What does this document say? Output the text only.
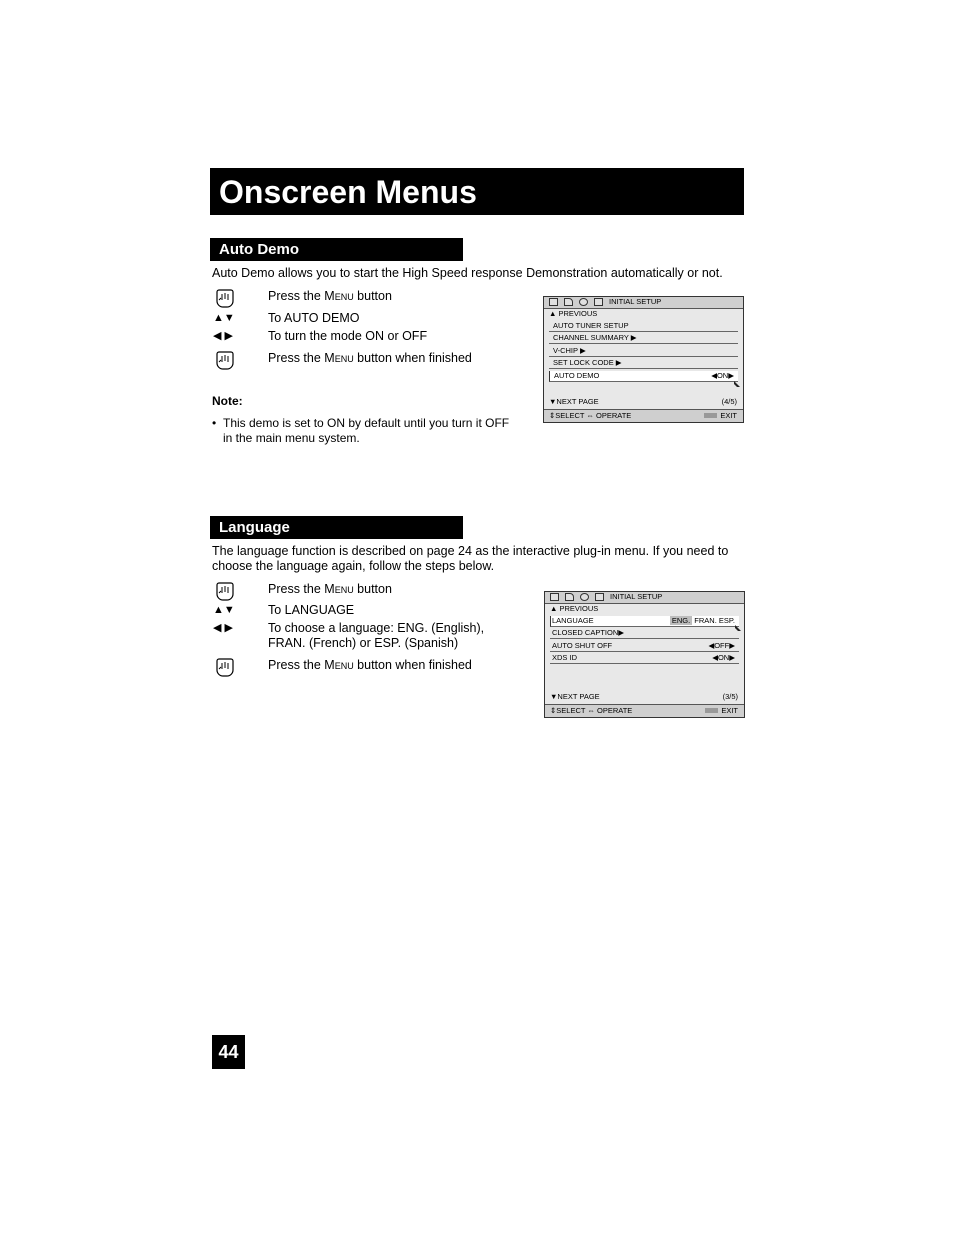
Onscreen Menus
Auto Demo
Auto Demo allows you to start the High Speed response Demonstration automatically or not.
Press the Menu button
▲▼	To AUTO DEMO
◀ ▶	To turn the mode ON or OFF
Press the Menu button when finished
Note:
• This demo is set to ON by default until you turn it OFF in the main menu system.
INITIAL SETUP
▲ PREVIOUS
AUTO TUNER SETUP
CHANNEL SUMMARY ▶
V-CHIP ▶
SET LOCK CODE ▶
AUTO DEMO	◀ON▶
▼NEXT PAGE	(4/5)
⇕SELECT ⇔ OPERATE	EXIT
Language
The language function is described on page 24 as the interactive plug-in menu. If you need to choose the language again, follow the steps below.
Press the Menu button
▲▼	To LANGUAGE
◀ ▶	To choose a language: ENG. (English), FRAN. (French) or ESP. (Spanish)
Press the Menu button when finished
INITIAL SETUP
▲ PREVIOUS
LANGUAGE	ENG. FRAN. ESP.
CLOSED CAPTION▶
AUTO SHUT OFF	◀OFF▶
XDS ID	◀ON▶
▼NEXT PAGE	(3/5)
⇕SELECT ⇔ OPERATE	EXIT
44
